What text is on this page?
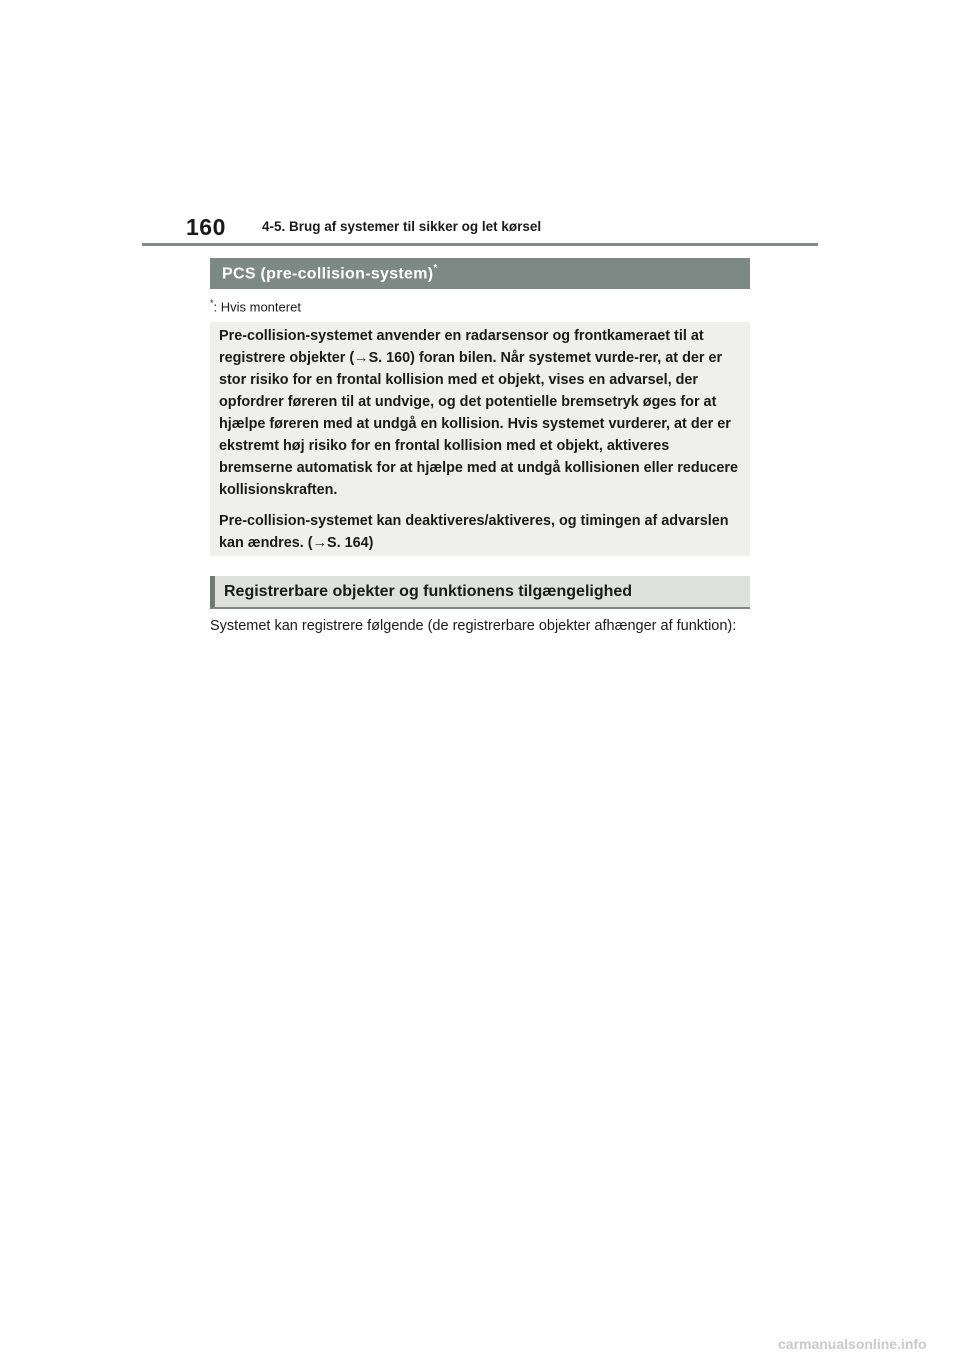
160	4-5. Brug af systemer til sikker og let kørsel
PCS (pre-collision-system)*
*: Hvis monteret

Pre-collision-systemet anvender en radarsensor og frontkameraet til at registrere objekter (→S. 160) foran bilen. Når systemet vurde-rer, at der er stor risiko for en frontal kollision med et objekt, vises en advarsel, der opfordrer føreren til at undvige, og det potentielle bremsetryk øges for at hjælpe føreren med at undgå en kollision. Hvis systemet vurderer, at der er ekstremt høj risiko for en frontal kollision med et objekt, aktiveres bremserne automatisk for at hjælpe med at undgå kollisionen eller reducere kollisionskraften.

Pre-collision-systemet kan deaktiveres/aktiveres, og timingen af advarslen kan ændres. (→S. 164)

Registrerbare objekter og funktionens tilgængelighed

Systemet kan registrere følgende (de registrerbare objekter afhænger af funktion):

carmanualsonline.info
